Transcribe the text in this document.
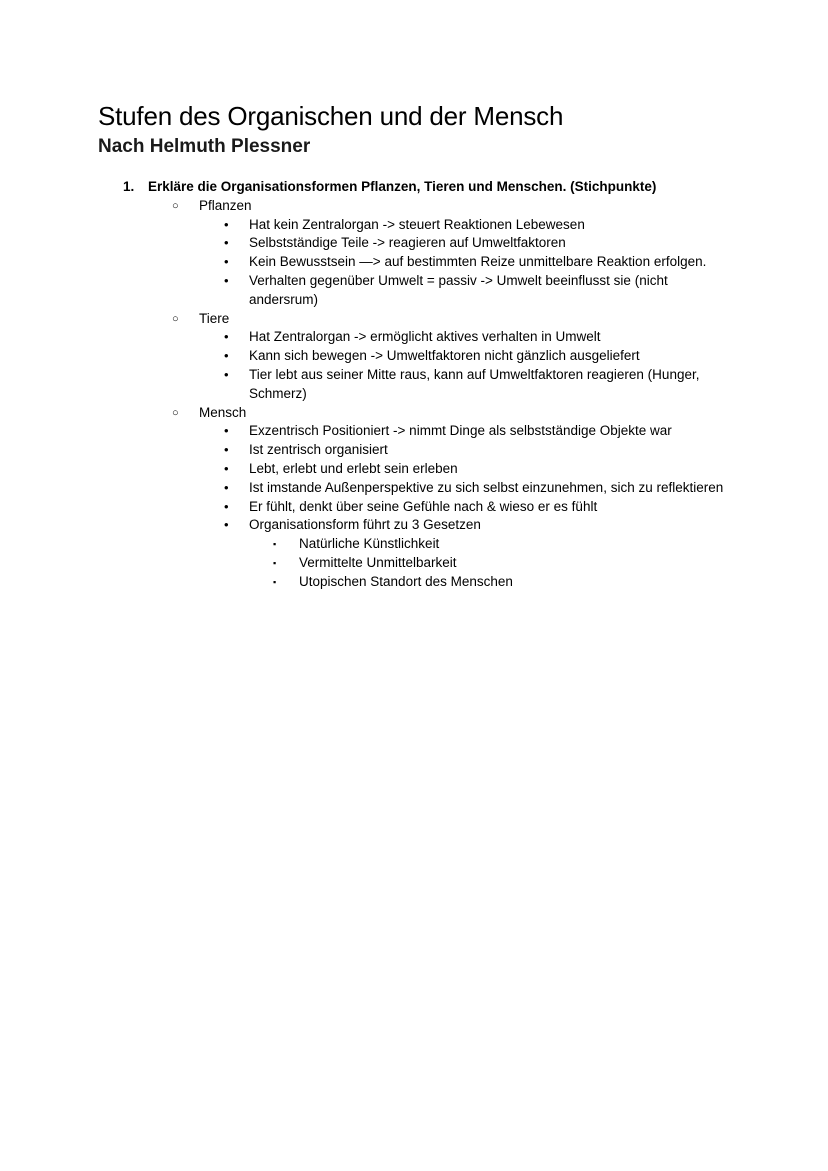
Stufen des Organischen und der Mensch
Nach Helmuth Plessner
1. Erkläre die Organisationsformen Pflanzen, Tieren und Menschen. (Stichpunkte)
○ Pflanzen
• Hat kein Zentralorgan -> steuert Reaktionen Lebewesen
• Selbstständige Teile -> reagieren auf Umweltfaktoren
• Kein Bewusstsein —> auf bestimmten Reize unmittelbare Reaktion erfolgen.
• Verhalten gegenüber Umwelt = passiv -> Umwelt beeinflusst sie (nicht andersrum)
○ Tiere
• Hat Zentralorgan -> ermöglicht aktives verhalten in Umwelt
• Kann sich bewegen -> Umweltfaktoren nicht gänzlich ausgeliefert
• Tier lebt aus seiner Mitte raus, kann auf Umweltfaktoren reagieren (Hunger, Schmerz)
○ Mensch
• Exzentrisch Positioniert -> nimmt Dinge als selbstständige Objekte war
• Ist zentrisch organisiert
• Lebt, erlebt und erlebt sein erleben
• Ist imstande Außenperspektive zu sich selbst einzunehmen, sich zu reflektieren
• Er fühlt, denkt über seine Gefühle nach & wieso er es fühlt
• Organisationsform führt zu 3 Gesetzen
▪ Natürliche Künstlichkeit
▪ Vermittelte Unmittelbarkeit
▪ Utopischen Standort des Menschen
